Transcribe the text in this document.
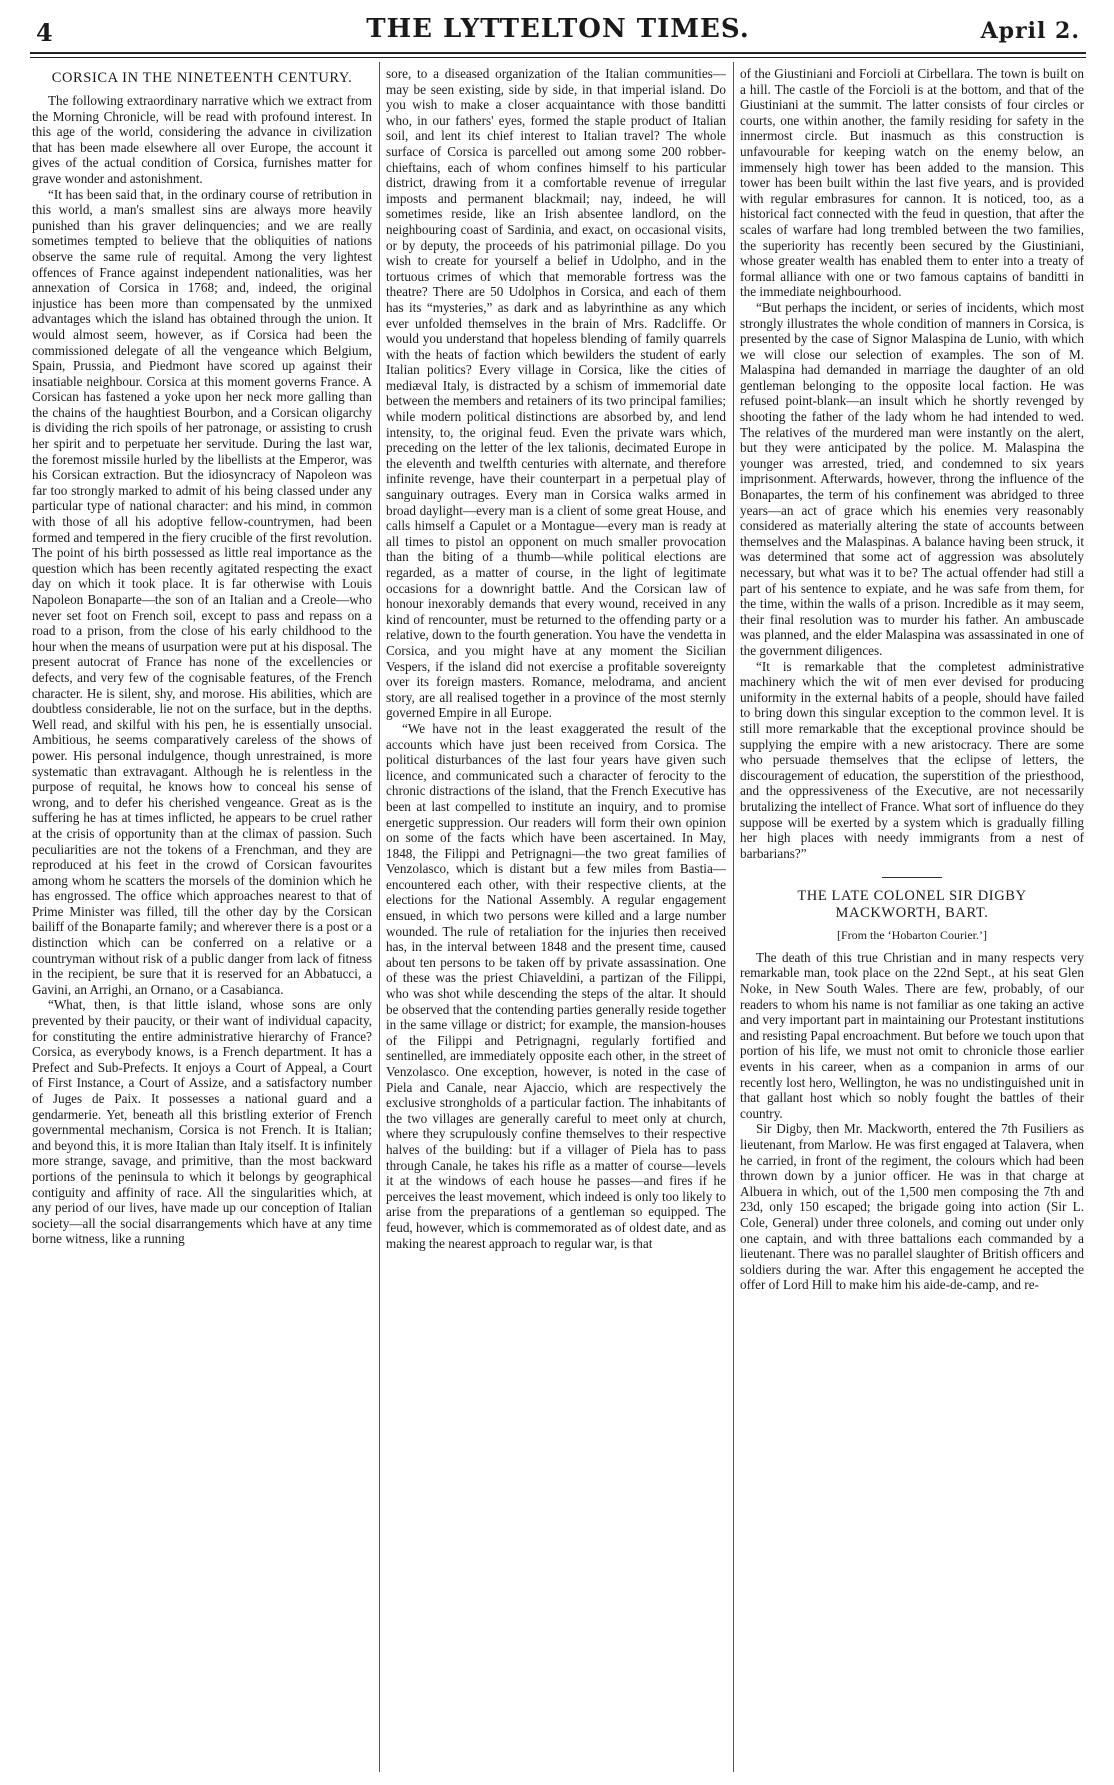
4	THE LYTTELTON TIMES.	April 2.
CORSICA IN THE NINETEENTH CENTURY.

The following extraordinary narrative which we extract from the Morning Chronicle, will be read with profound interest. In this age of the world, considering the advance in civilization that has been made elsewhere all over Europe, the account it gives of the actual condition of Corsica, furnishes matter for grave wonder and astonishment.

“It has been said that, in the ordinary course of retribution in this world, a man's smallest sins are always more heavily punished than his graver delinquencies; and we are really sometimes tempted to believe that the obliquities of nations observe the same rule of requital. Among the very lightest offences of France against independent nationalities, was her annexation of Corsica in 1768; and, indeed, the original injustice has been more than compensated by the unmixed advantages which the island has obtained through the union. It would almost seem, however, as if Corsica had been the commissioned delegate of all the vengeance which Belgium, Spain, Prussia, and Piedmont have scored up against their insatiable neighbour. Corsica at this moment governs France. A Corsican has fastened a yoke upon her neck more galling than the chains of the haughtiest Bourbon, and a Corsican oligarchy is dividing the rich spoils of her patronage, or assisting to crush her spirit and to perpetuate her servitude. During the last war, the foremost missile hurled by the libellists at the Emperor, was his Corsican extraction. But the idiosyncracy of Napoleon was far too strongly marked to admit of his being classed under any particular type of national character: and his mind, in common with those of all his adoptive fellow-countrymen, had been formed and tempered in the fiery crucible of the first revolution. The point of his birth possessed as little real importance as the question which has been recently agitated respecting the exact day on which it took place. It is far otherwise with Louis Napoleon Bonaparte—the son of an Italian and a Creole—who never set foot on French soil, except to pass and repass on a road to a prison, from the close of his early childhood to the hour when the means of usurpation were put at his disposal. The present autocrat of France has none of the excellencies or defects, and very few of the cognisable features, of the French character. He is silent, shy, and morose. His abilities, which are doubtless considerable, lie not on the surface, but in the depths. Well read, and skilful with his pen, he is essentially unsocial. Ambitious, he seems comparatively careless of the shows of power. His personal indulgence, though unrestrained, is more systematic than extravagant. Although he is relentless in the purpose of requital, he knows how to conceal his sense of wrong, and to defer his cherished vengeance. Great as is the suffering he has at times inflicted, he appears to be cruel rather at the crisis of opportunity than at the climax of passion. Such peculiarities are not the tokens of a Frenchman, and they are reproduced at his feet in the crowd of Corsican favourites among whom he scatters the morsels of the dominion which he has engrossed. The office which approaches nearest to that of Prime Minister was filled, till the other day by the Corsican bailiff of the Bonaparte family; and wherever there is a post or a distinction which can be conferred on a relative or a countryman without risk of a public danger from lack of fitness in the recipient, be sure that it is reserved for an Abbatucci, a Gavini, an Arrighi, an Ornano, or a Casabianca.

“What, then, is that little island, whose sons are only prevented by their paucity, or their want of individual capacity, for constituting the entire administrative hierarchy of France? Corsica, as everybody knows, is a French department. It has a Prefect and Sub-Prefects. It enjoys a Court of Appeal, a Court of First Instance, a Court of Assize, and a satisfactory number of Juges de Paix. It possesses a national guard and a gendarmerie. Yet, beneath all this bristling exterior of French governmental mechanism, Corsica is not French. It is Italian; and beyond this, it is more Italian than Italy itself. It is infinitely more strange, savage, and primitive, than the most backward portions of the peninsula to which it belongs by geographical contiguity and affinity of race. All the singularities which, at any period of our lives, have made up our conception of Italian society—all the social disarrangements which have at any time borne witness, like a running

sore, to a diseased organization of the Italian communities—may be seen existing, side by side, in that imperial island. Do you wish to make a closer acquaintance with those banditti who, in our fathers' eyes, formed the staple product of Italian soil, and lent its chief interest to Italian travel? The whole surface of Corsica is parcelled out among some 200 robber-chieftains, each of whom confines himself to his particular district, drawing from it a comfortable revenue of irregular imposts and permanent blackmail; nay, indeed, he will sometimes reside, like an Irish absentee landlord, on the neighbouring coast of Sardinia, and exact, on occasional visits, or by deputy, the proceeds of his patrimonial pillage. Do you wish to create for yourself a belief in Udolpho, and in the tortuous crimes of which that memorable fortress was the theatre? There are 50 Udolphos in Corsica, and each of them has its “mysteries,” as dark and as labyrinthine as any which ever unfolded themselves in the brain of Mrs. Radcliffe. Or would you understand that hopeless blending of family quarrels with the heats of faction which bewilders the student of early Italian politics? Every village in Corsica, like the cities of mediæval Italy, is distracted by a schism of immemorial date between the members and retainers of its two principal families; while modern political distinctions are absorbed by, and lend intensity, to, the original feud. Even the private wars which, preceding on the letter of the lex talionis, decimated Europe in the eleventh and twelfth centuries with alternate, and therefore infinite revenge, have their counterpart in a perpetual play of sanguinary outrages. Every man in Corsica walks armed in broad daylight—every man is a client of some great House, and calls himself a Capulet or a Montague—every man is ready at all times to pistol an opponent on much smaller provocation than the biting of a thumb—while political elections are regarded, as a matter of course, in the light of legitimate occasions for a downright battle. And the Corsican law of honour inexorably demands that every wound, received in any kind of rencounter, must be returned to the offending party or a relative, down to the fourth generation. You have the vendetta in Corsica, and you might have at any moment the Sicilian Vespers, if the island did not exercise a profitable sovereignty over its foreign masters. Romance, melodrama, and ancient story, are all realised together in a province of the most sternly governed Empire in all Europe.

“We have not in the least exaggerated the result of the accounts which have just been received from Corsica. The political disturbances of the last four years have given such licence, and communicated such a character of ferocity to the chronic distractions of the island, that the French Executive has been at last compelled to institute an inquiry, and to promise energetic suppression. Our readers will form their own opinion on some of the facts which have been ascertained. In May, 1848, the Filippi and Petrignagni—the two great families of Venzolasco, which is distant but a few miles from Bastia—encountered each other, with their respective clients, at the elections for the National Assembly. A regular engagement ensued, in which two persons were killed and a large number wounded. The rule of retaliation for the injuries then received has, in the interval between 1848 and the present time, caused about ten persons to be taken off by private assassination. One of these was the priest Chiaveldini, a partizan of the Filippi, who was shot while descending the steps of the altar. It should be observed that the contending parties generally reside together in the same village or district; for example, the mansion-houses of the Filippi and Petrignagni, regularly fortified and sentinelled, are immediately opposite each other, in the street of Venzolasco. One exception, however, is noted in the case of Piela and Canale, near Ajaccio, which are respectively the exclusive strongholds of a particular faction. The inhabitants of the two villages are generally careful to meet only at church, where they scrupulously confine themselves to their respective halves of the building: but if a villager of Piela has to pass through Canale, he takes his rifle as a matter of course—levels it at the windows of each house he passes—and fires if he perceives the least movement, which indeed is only too likely to arise from the preparations of a gentleman so equipped. The feud, however, which is commemorated as of oldest date, and as making the nearest approach to regular war, is that

of the Giustiniani and Forcioli at Cirbellara. The town is built on a hill. The castle of the Forcioli is at the bottom, and that of the Giustiniani at the summit. The latter consists of four circles or courts, one within another, the family residing for safety in the innermost circle. But inasmuch as this construction is unfavourable for keeping watch on the enemy below, an immensely high tower has been added to the mansion. This tower has been built within the last five years, and is provided with regular embrasures for cannon. It is noticed, too, as a historical fact connected with the feud in question, that after the scales of warfare had long trembled between the two families, the superiority has recently been secured by the Giustiniani, whose greater wealth has enabled them to enter into a treaty of formal alliance with one or two famous captains of banditti in the immediate neighbourhood.

“But perhaps the incident, or series of incidents, which most strongly illustrates the whole condition of manners in Corsica, is presented by the case of Signor Malaspina de Lunio, with which we will close our selection of examples. The son of M. Malaspina had demanded in marriage the daughter of an old gentleman belonging to the opposite local faction. He was refused point-blank—an insult which he shortly revenged by shooting the father of the lady whom he had intended to wed. The relatives of the murdered man were instantly on the alert, but they were anticipated by the police. M. Malaspina the younger was arrested, tried, and condemned to six years imprisonment. Afterwards, however, throng the influence of the Bonapartes, the term of his confinement was abridged to three years—an act of grace which his enemies very reasonably considered as materially altering the state of accounts between themselves and the Malaspinas. A balance having been struck, it was determined that some act of aggression was absolutely necessary, but what was it to be? The actual offender had still a part of his sentence to expiate, and he was safe from them, for the time, within the walls of a prison. Incredible as it may seem, their final resolution was to murder his father. An ambuscade was planned, and the elder Malaspina was assassinated in one of the government diligences.

“It is remarkable that the completest administrative machinery which the wit of men ever devised for producing uniformity in the external habits of a people, should have failed to bring down this singular exception to the common level. It is still more remarkable that the exceptional province should be supplying the empire with a new aristocracy. There are some who persuade themselves that the eclipse of letters, the discouragement of education, the superstition of the priesthood, and the oppressiveness of the Executive, are not necessarily brutalizing the intellect of France. What sort of influence do they suppose will be exerted by a system which is gradually filling her high places with needy immigrants from a nest of barbarians?”

THE LATE COLONEL SIR DIGBY MACKWORTH, BART.
[From the ‘Hobarton Courier.’]

The death of this true Christian and in many respects very remarkable man, took place on the 22nd Sept., at his seat Glen Noke, in New South Wales. There are few, probably, of our readers to whom his name is not familiar as one taking an active and very important part in maintaining our Protestant institutions and resisting Papal encroachment. But before we touch upon that portion of his life, we must not omit to chronicle those earlier events in his career, when as a companion in arms of our recently lost hero, Wellington, he was no undistinguished unit in that gallant host which so nobly fought the battles of their country.

Sir Digby, then Mr. Mackworth, entered the 7th Fusiliers as lieutenant, from Marlow. He was first engaged at Talavera, when he carried, in front of the regiment, the colours which had been thrown down by a junior officer. He was in that charge at Albuera in which, out of the 1,500 men composing the 7th and 23d, only 150 escaped; the brigade going into action (Sir L. Cole, General) under three colonels, and coming out under only one captain, and with three battalions each commanded by a lieutenant. There was no parallel slaughter of British officers and soldiers during the war. After this engagement he accepted the offer of Lord Hill to make him his aide-de-camp, and re-
